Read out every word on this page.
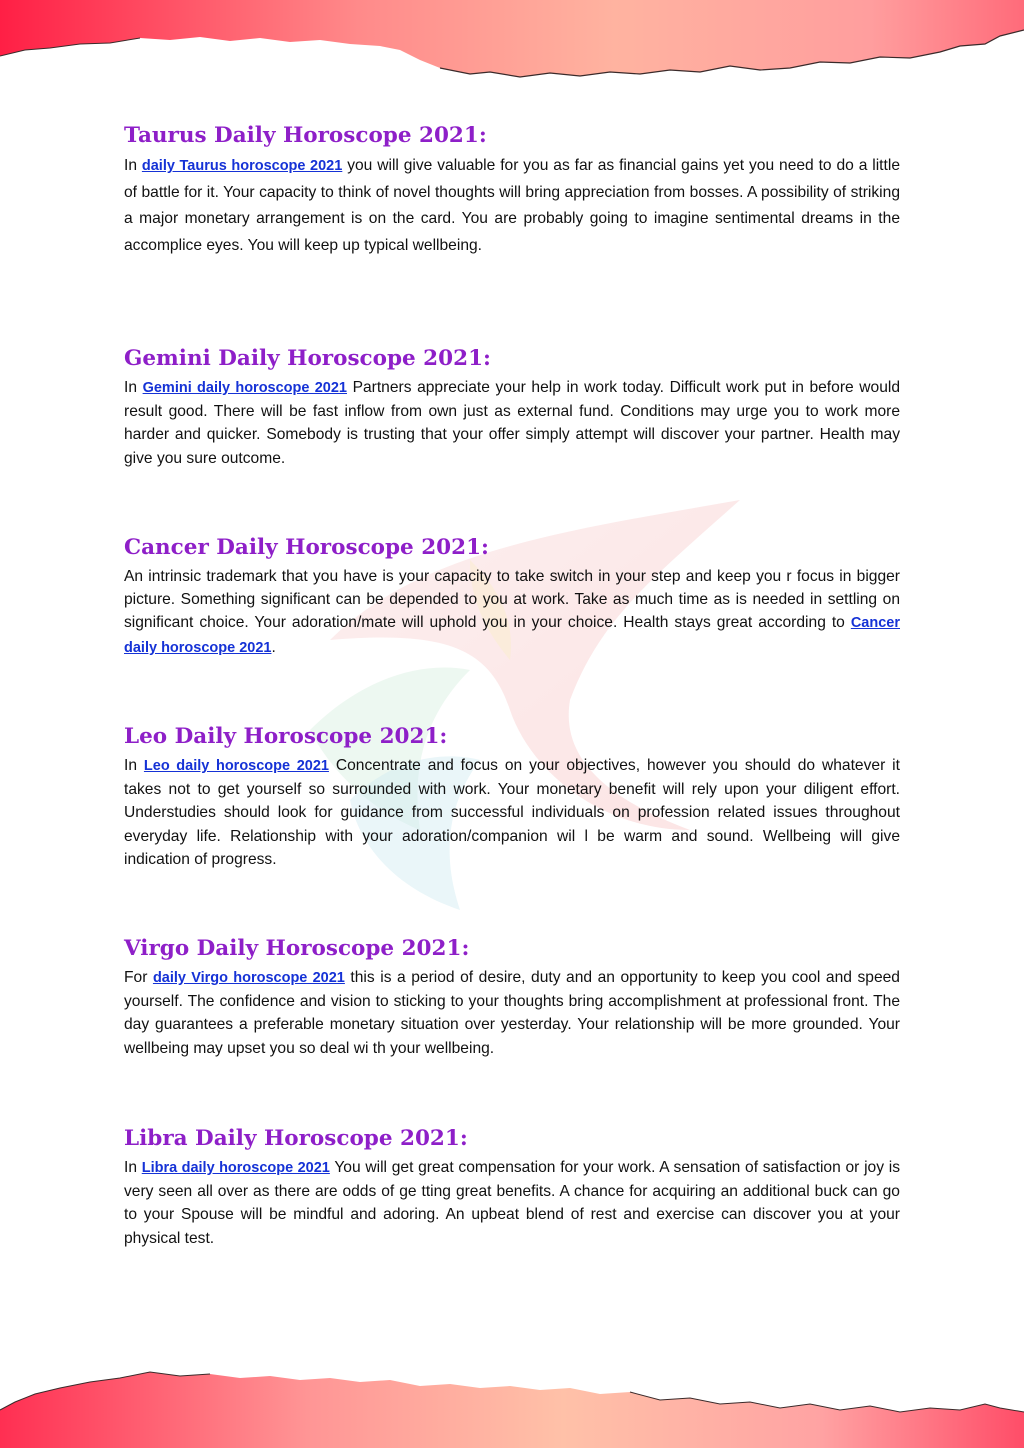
Taurus Daily Horoscope 2021:

In daily Taurus horoscope 2021 you will give valuable for you as far as financial gains yet you need to do a little of battle for it. Your capacity to think of novel thoughts will bring appreciation from bosses. A possibility of striking a major monetary arrangement is on the card. You are probably going to imagine sentimental dreams in the accomplice eyes. You will keep up typical wellbeing.

Gemini Daily Horoscope 2021:

In Gemini daily horoscope 2021 Partners appreciate your help in work today. Difficult work put in before would result good. There will be fast inflow from own just as external fund. Conditions may urge you to work more harder and quicker. Somebody is trusting that your offer simply attempt will discover your partner. Health may give you sure outcome.

Cancer Daily Horoscope 2021:

An intrinsic trademark that you have is your capacity to take switch in your step and keep you r focus in bigger picture. Something significant can be depended to you at work. Take as much time as is needed in settling on significant choice. Your adoration/mate will uphold you in your choice. Health stays great according to Cancer daily horoscope 2021.

Leo Daily Horoscope 2021:

In Leo daily horoscope 2021 Concentrate and focus on your objectives, however you should do whatever it takes not to get yourself so surrounded with work. Your monetary benefit will rely upon your diligent effort. Understudies should look for guidance from successful individuals on profession related issues throughout everyday life. Relationship with your adoration/companion wil l be warm and sound. Wellbeing will give indication of progress.

Virgo Daily Horoscope 2021:

For daily Virgo horoscope 2021 this is a period of desire, duty and an opportunity to keep you cool and speed yourself. The confidence and vision to sticking to your thoughts bring accomplishment at professional front. The day guarantees a preferable monetary situation over yesterday. Your relationship will be more grounded. Your wellbeing may upset you so deal wi th your wellbeing.

Libra Daily Horoscope 2021:

In Libra daily horoscope 2021 You will get great compensation for your work. A sensation of satisfaction or joy is very seen all over as there are odds of ge tting great benefits. A chance for acquiring an additional buck can go to your Spouse will be mindful and adoring. An upbeat blend of rest and exercise can discover you at your physical test.
